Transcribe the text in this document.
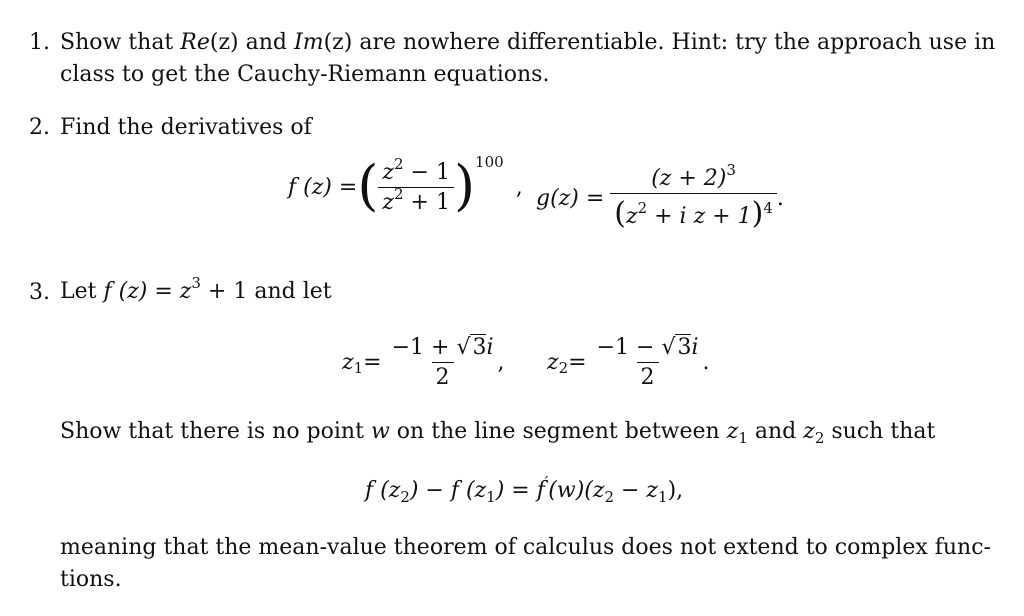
1. Show that Re(z) and Im(z) are nowhere differentiable. Hint: try the approach use in
class to get the Cauchy-Riemann equations.
2. Find the derivatives of
f (z) = ( $\frac{z^2 - 1}{z^2 + 1}$ ) 100
, $g(z) = \frac{(z + 2)^3}{(z^2 + i z + 1)^4}$ .
3. Let f $(z) = z^3 + 1$ and let
z $1 = \frac{-1 + √3i}{2}$ , z $2 = \frac{-1 - √3i}{2}$ .
Show that there is no point w on the line segment between $z_1$ and $z_2$ such that
f $(z_2) - f$ $(z_1) = f'(w)(z_2 - z_1)$,
meaning that the mean-value theorem of calculus does not extend to complex func-
tions.
